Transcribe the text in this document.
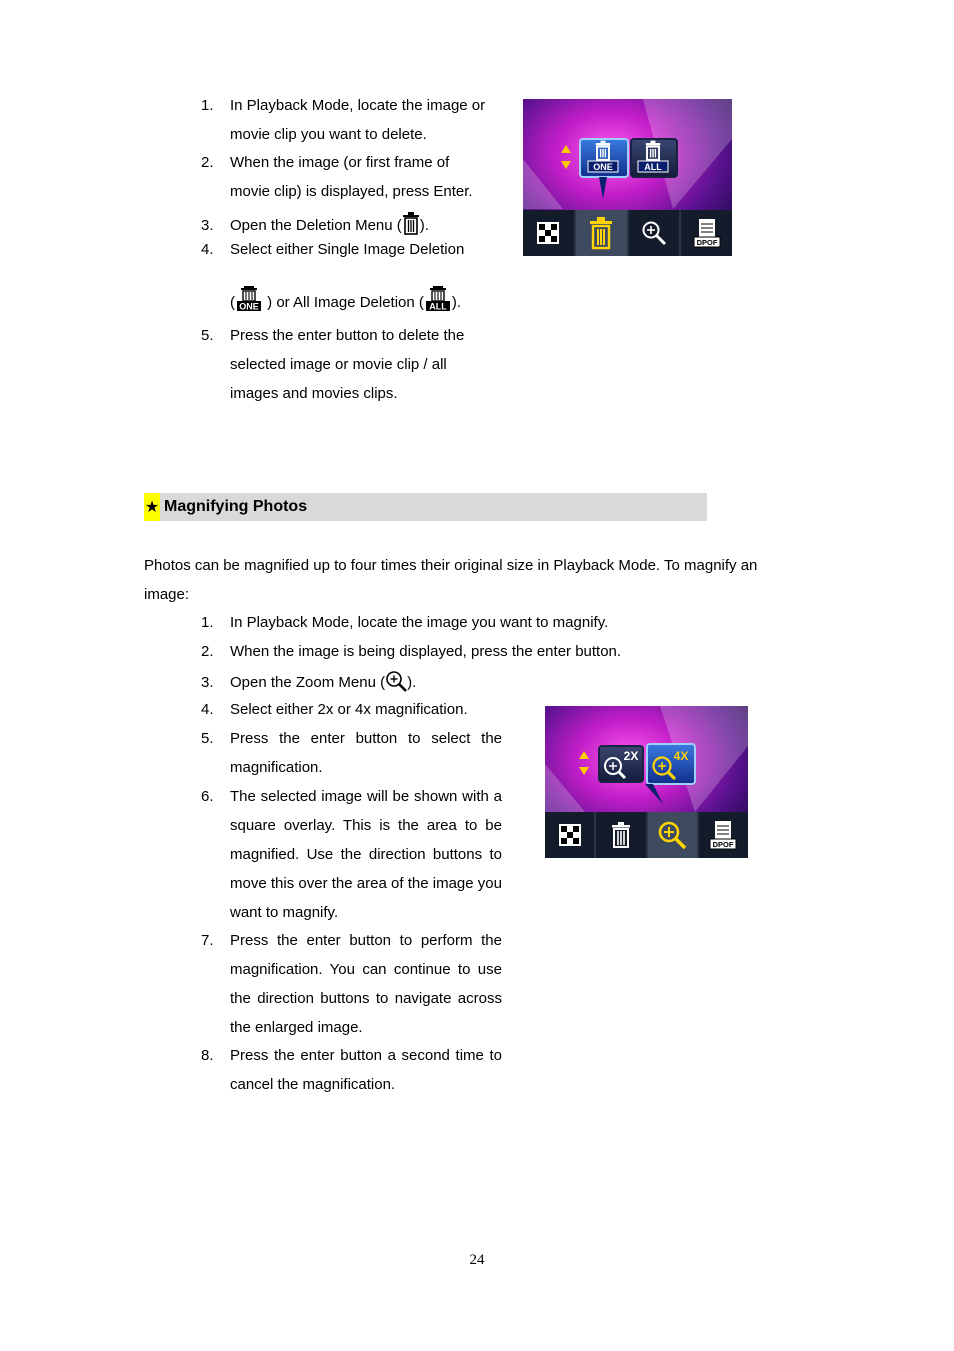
1.	In Playback Mode, locate the image or
movie clip you want to delete.
2.	When the image (or first frame of
movie clip) is displayed, press Enter.
3.	Open the Deletion Menu ( ).
4.	Select either Single Image Deletion
( ONE ) or All Image Deletion ( ALL ).
5.	Press the enter button to delete the
selected image or movie clip / all
images and movies clips.
ONE	ALL
DPOF
★ Magnifying Photos
Photos can be magnified up to four times their original size in Playback Mode. To magnify an
image:
1.	In Playback Mode, locate the image you want to magnify.
2.	When the image is being displayed, press the enter button.
3.	Open the Zoom Menu ( ).
4.	Select either 2x or 4x magnification.
5.	Press the enter button to select the magnification.
6.	The selected image will be shown with a square overlay. This is the area to be magnified. Use the direction buttons to move this over the area of the image you want to magnify.
7.	Press the enter button to perform the magnification. You can continue to use the direction buttons to navigate across the enlarged image.
8.	Press the enter button a second time to cancel the magnification.
2X	4X
DPOF
24
